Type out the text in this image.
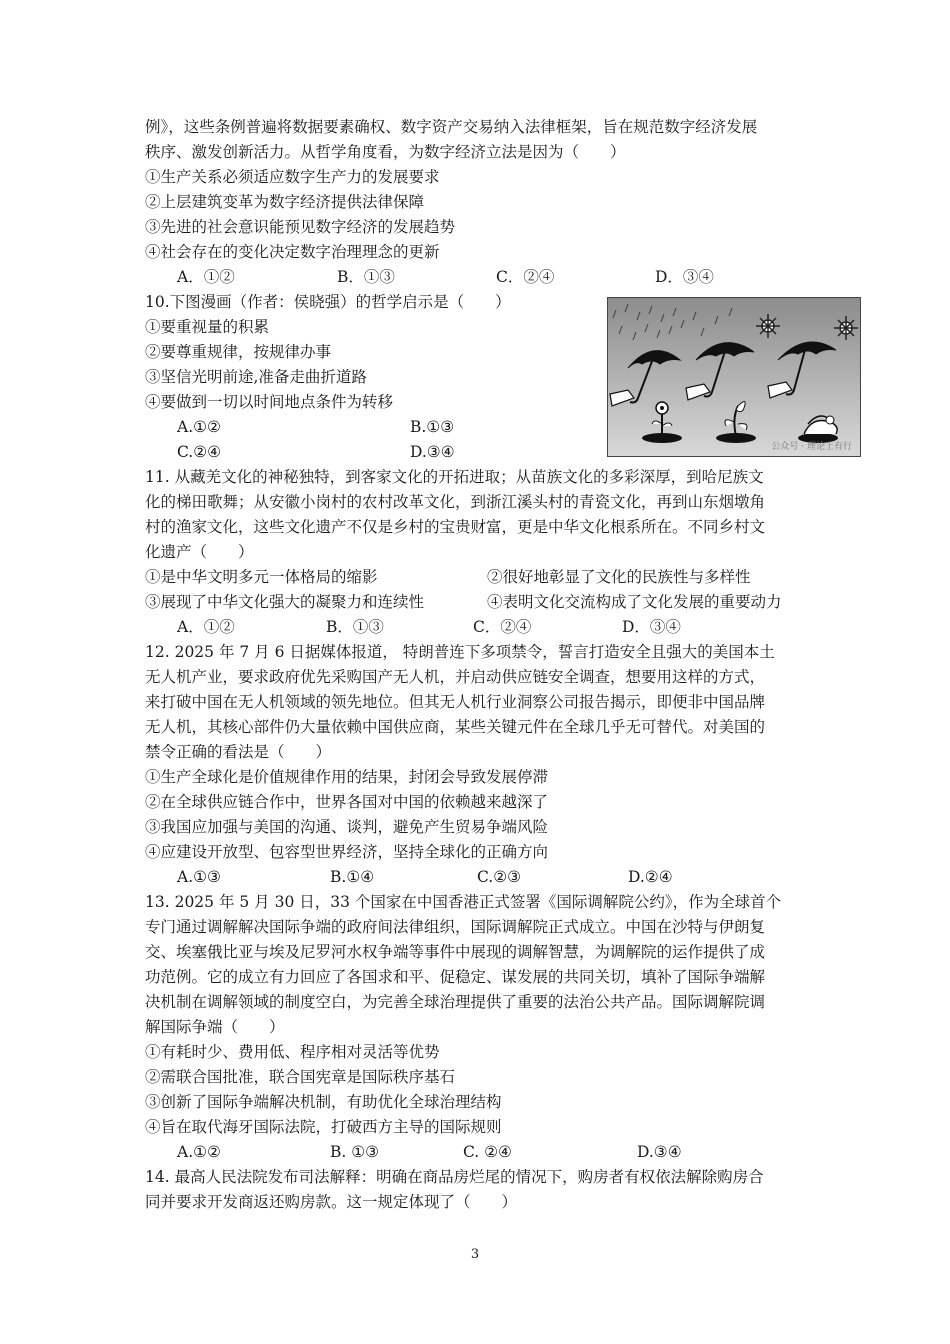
例》，这些条例普遍将数据要素确权、数字资产交易纳入法律框架，旨在规范数字经济发展
秩序、激发创新活力。从哲学角度看，为数字经济立法是因为（　　）
①生产关系必须适应数字生产力的发展要求
②上层建筑变革为数字经济提供法律保障
③先进的社会意识能预见数字经济的发展趋势
④社会存在的变化决定数字治理理念的更新
A．①②	B．①③	C．②④	D．③④
10.下图漫画（作者：侯晓强）的哲学启示是（　　）
①要重视量的积累
②要尊重规律，按规律办事
③坚信光明前途,准备走曲折道路
④要做到一切以时间地点条件为转移
A.①②	B.①③
C.②④	D.③④	公众号 · 理论上有行
11. 从藏羌文化的神秘独特，到客家文化的开拓进取；从苗族文化的多彩深厚，到哈尼族文
化的梯田歌舞；从安徽小岗村的农村改革文化，到浙江溪头村的青瓷文化，再到山东烟墩角
村的渔家文化，这些文化遗产不仅是乡村的宝贵财富，更是中华文化根系所在。不同乡村文
化遗产（　　）
①是中华文明多元一体格局的缩影	②很好地彰显了文化的民族性与多样性
③展现了中华文化强大的凝聚力和连续性	④表明文化交流构成了文化发展的重要动力
A．①②	B．①③	C．②④	D．③④
12. 2025 年 7 月 6 日据媒体报道， 特朗普连下多项禁令，誓言打造安全且强大的美国本土
无人机产业，要求政府优先采购国产无人机，并启动供应链安全调查，想要用这样的方式，
来打破中国在无人机领域的领先地位。但其无人机行业洞察公司报告揭示，即便非中国品牌
无人机，其核心部件仍大量依赖中国供应商，某些关键元件在全球几乎无可替代。对美国的
禁令正确的看法是（　　）
①生产全球化是价值规律作用的结果，封闭会导致发展停滞
②在全球供应链合作中，世界各国对中国的依赖越来越深了
③我国应加强与美国的沟通、谈判，避免产生贸易争端风险
④应建设开放型、包容型世界经济，坚持全球化的正确方向
A.①③	B.①④	C.②③	D.②④
13. 2025 年 5 月 30 日，33 个国家在中国香港正式签署《国际调解院公约》，作为全球首个
专门通过调解解决国际争端的政府间法律组织，国际调解院正式成立。中国在沙特与伊朗复
交、埃塞俄比亚与埃及尼罗河水权争端等事件中展现的调解智慧，为调解院的运作提供了成
功范例。它的成立有力回应了各国求和平、促稳定、谋发展的共同关切，填补了国际争端解
决机制在调解领域的制度空白，为完善全球治理提供了重要的法治公共产品。国际调解院调
解国际争端（　　）
①有耗时少、费用低、程序相对灵活等优势
②需联合国批准，联合国宪章是国际秩序基石
③创新了国际争端解决机制，有助优化全球治理结构
④旨在取代海牙国际法院，打破西方主导的国际规则
A.①②	B. ①③	C. ②④	D.③④
14. 最高人民法院发布司法解释：明确在商品房烂尾的情况下，购房者有权依法解除购房合
同并要求开发商返还购房款。这一规定体现了（　　）
3
